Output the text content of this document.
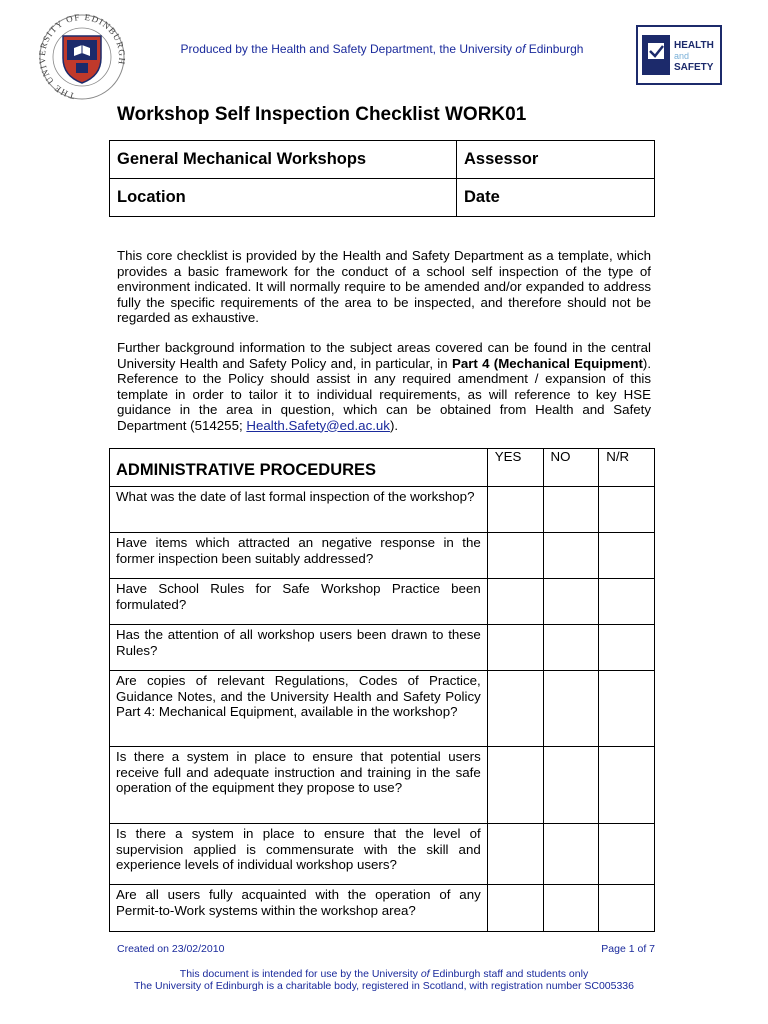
THE UNIVERSITY OF EDINBURGH
Produced by the Health and Safety Department, the University of Edinburgh	HEALTH
and
SAFETY
Workshop Self Inspection Checklist WORK01
General Mechanical Workshops	Assessor
Location	Date
This core checklist is provided by the Health and Safety Department as a template, which provides a basic framework for the conduct of a school self inspection of the type of environment indicated. It will normally require to be amended and/or expanded to address fully the specific requirements of the area to be inspected, and therefore should not be regarded as exhaustive.
Further background information to the subject areas covered can be found in the central University Health and Safety Policy and, in particular, in Part 4 (Mechanical Equipment). Reference to the Policy should assist in any required amendment / expansion of this template in order to tailor it to individual requirements, as will reference to key HSE guidance in the area in question, which can be obtained from Health and Safety Department (514255; Health.Safety@ed.ac.uk).
ADMINISTRATIVE PROCEDURES	YES	NO	N/R
What was the date of last formal inspection of the workshop?			
Have items which attracted an negative response in the former inspection been suitably addressed?			
Have School Rules for Safe Workshop Practice been formulated?			
Has the attention of all workshop users been drawn to these Rules?			
Are copies of relevant Regulations, Codes of Practice, Guidance Notes, and the University Health and Safety Policy Part 4: Mechanical Equipment, available in the workshop?			
Is there a system in place to ensure that potential users receive full and adequate instruction and training in the safe operation of the equipment they propose to use?			
Is there a system in place to ensure that the level of supervision applied is commensurate with the skill and experience levels of individual workshop users?			
Are all users fully acquainted with the operation of any Permit-to-Work systems within the workshop area?			
Created on 23/02/2010	Page 1 of 7
This document is intended for use by the University of Edinburgh staff and students only
The University of Edinburgh is a charitable body, registered in Scotland, with registration number SC005336
